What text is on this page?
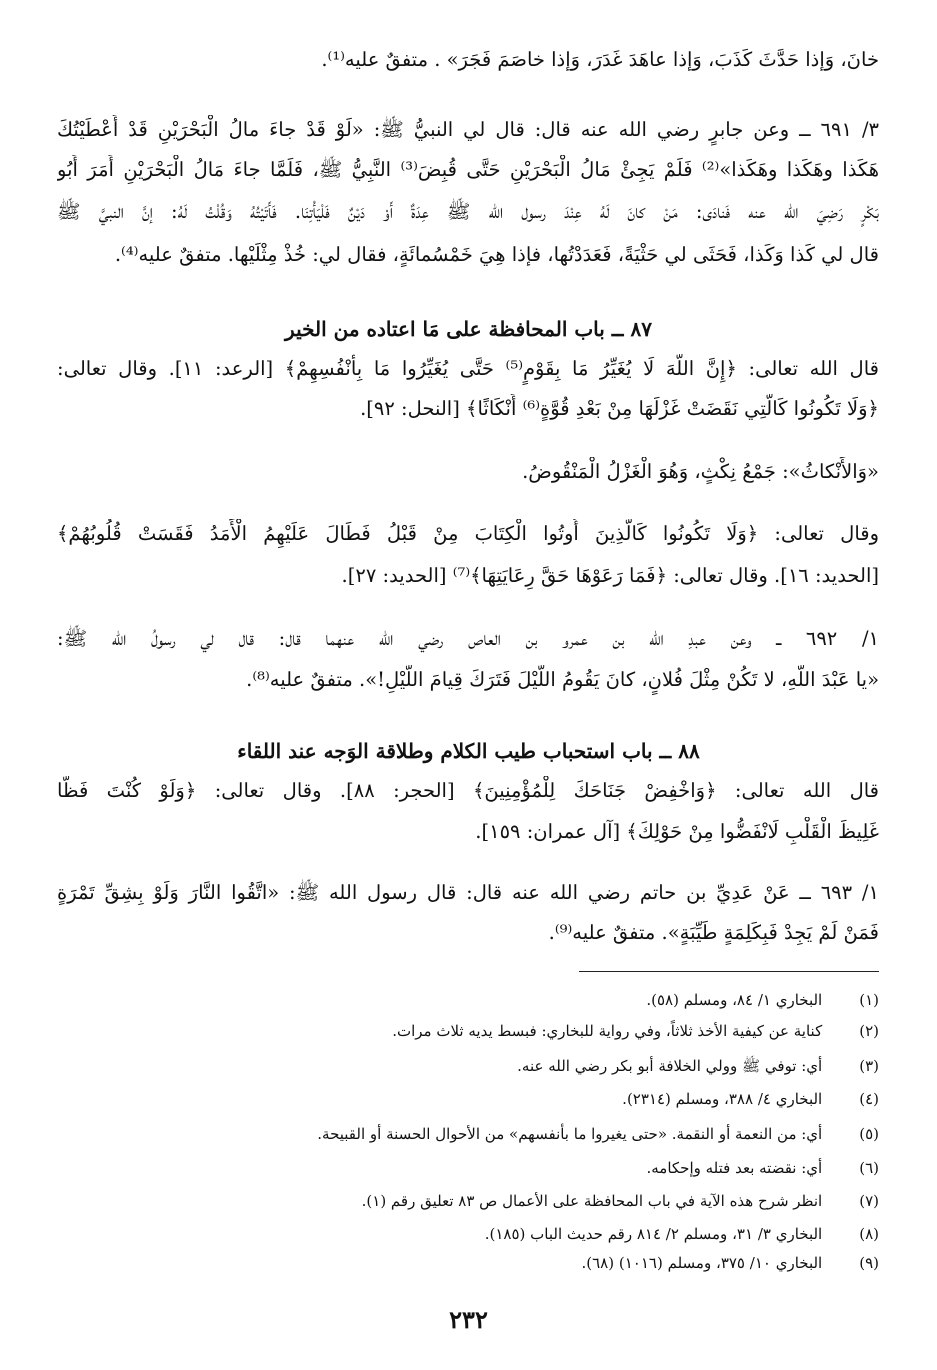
خانَ، وَإذا حَدَّثَ كَذَبَ، وَإذا عاهَدَ غَدَرَ، وَإذا خاصَمَ فَجَرَ» . متفقٌ عليه⁽¹⁾.
٣/ ٦٩١ ــ وعن جابرٍ رضي الله عنه قال: قال لي النبيُّ ﷺ: «لَوْ قَدْ جاءَ مالُ الْبَحْرَيْنِ قَدْ أَعْطَيْتُكَ
هَكَذا وهَكَذا وهَكَذا»⁽²⁾ فَلَمْ يَجِئْ مَالُ الْبَحْرَيْنِ حَتَّى قُبِضَ⁽³⁾ النَّبِيُّ ﷺ، فَلَمَّا جاءَ مَالُ الْبَحْرَيْنِ أَمَرَ أَبُو
بَكْرٍ رَضِيَ الله عنه فَنادَى: مَنْ كانَ لَهُ عِنْدَ رسول الله ﷺ عِدَةٌ أَوْ دَيْنٌ فَلْيَأْتِنَا. فَأَتَيْتُهُ وَقُلْتُ لَهُ: إنَّ النبيَّ ﷺ
قال لي كَذا وَكَذا، فَحَثَى لي حَثْيَةً، فَعَدَدْتُها، فإذا هِيَ خَمْسُمائَةٍ، فقال لي: خُذْ مِثْلَيْها. متفقٌ عليه⁽⁴⁾.
٨٧ ــ باب المحافظة على مَا اعتاده من الخير
قال الله تعالى: ﴿إِنَّ اللَّهَ لَا يُغَيِّرُ مَا بِقَوْمٍ⁽⁵⁾ حَتَّى يُغَيِّرُوا مَا بِأَنْفُسِهِمْ﴾ [الرعد: ١١]. وقال تعالى:
﴿وَلَا تَكُونُوا كَالَّتِي نَقَضَتْ غَزْلَهَا مِنْ بَعْدِ قُوَّةٍ⁽⁶⁾ أَنْكَاثًا﴾ [النحل: ٩٢].
«وَالأَنْكاثُ»: جَمْعُ نِكْثٍ، وَهُوَ الْغَزْلُ الْمَنْقُوضُ.
وقال تعالى: ﴿وَلَا تَكُونُوا كَالَّذِينَ أُوتُوا الْكِتَابَ مِنْ قَبْلُ فَطَالَ عَلَيْهِمُ الْأَمَدُ فَقَسَتْ قُلُوبُهُمْ﴾
[الحديد: ١٦]. وقال تعالى: ﴿فَمَا رَعَوْهَا حَقَّ رِعَايَتِهَا﴾⁽⁷⁾ [الحديد: ٢٧].
١/ ٦٩٢ ــ وعن عبدِ الله بن عمرو بن العاص رضي الله عنهما قال: قال لي رسولُ الله ﷺ:
«يا عَبْدَ اللَّهِ، لا تَكُنْ مِثْلَ فُلانٍ، كانَ يَقُومُ اللَّيْلَ فَتَرَكَ قِيامَ اللَّيْلِ!». متفقٌ عليه⁽⁸⁾.
٨٨ ــ باب استحباب طيب الكلام وطلاقة الوَجه عند اللقاء
قال الله تعالى: ﴿وَاخْفِضْ جَنَاحَكَ لِلْمُؤْمِنِينَ﴾ [الحجر: ٨٨]. وقال تعالى: ﴿وَلَوْ كُنْتَ فَظًّا
غَلِيظَ الْقَلْبِ لَانْفَضُّوا مِنْ حَوْلِكَ﴾ [آل عمران: ١٥٩].
١/ ٦٩٣ ــ عَنْ عَدِيِّ بن حاتم رضي الله عنه قال: قال رسول الله ﷺ: «اتَّقُوا النَّارَ وَلَوْ بِشِقِّ تَمْرَةٍ
فَمَنْ لَمْ يَجِدْ فَبِكَلِمَةٍ طَيِّبَةٍ». متفقٌ عليه⁽⁹⁾.
(١) البخاري ١/ ٨٤، ومسلم (٥٨).
(٢) كناية عن كيفية الأخذ ثلاثاً، وفي رواية للبخاري: فبسط يديه ثلاث مرات.
(٣) أي: توفي ﷺ وولي الخلافة أبو بكر رضي الله عنه.
(٤) البخاري ٤/ ٣٨٨، ومسلم (٢٣١٤).
(٥) أي: من النعمة أو النقمة. «حتى يغيروا ما بأنفسهم» من الأحوال الحسنة أو القبيحة.
(٦) أي: نقضته بعد فتله وإحكامه.
(٧) انظر شرح هذه الآية في باب المحافظة على الأعمال ص ٨٣ تعليق رقم (١).
(٨) البخاري ٣/ ٣١، ومسلم ٢/ ٨١٤ رقم حديث الباب (١٨٥).
(٩) البخاري ١٠/ ٣٧٥، ومسلم (١٠١٦) (٦٨).
٢٣٢
